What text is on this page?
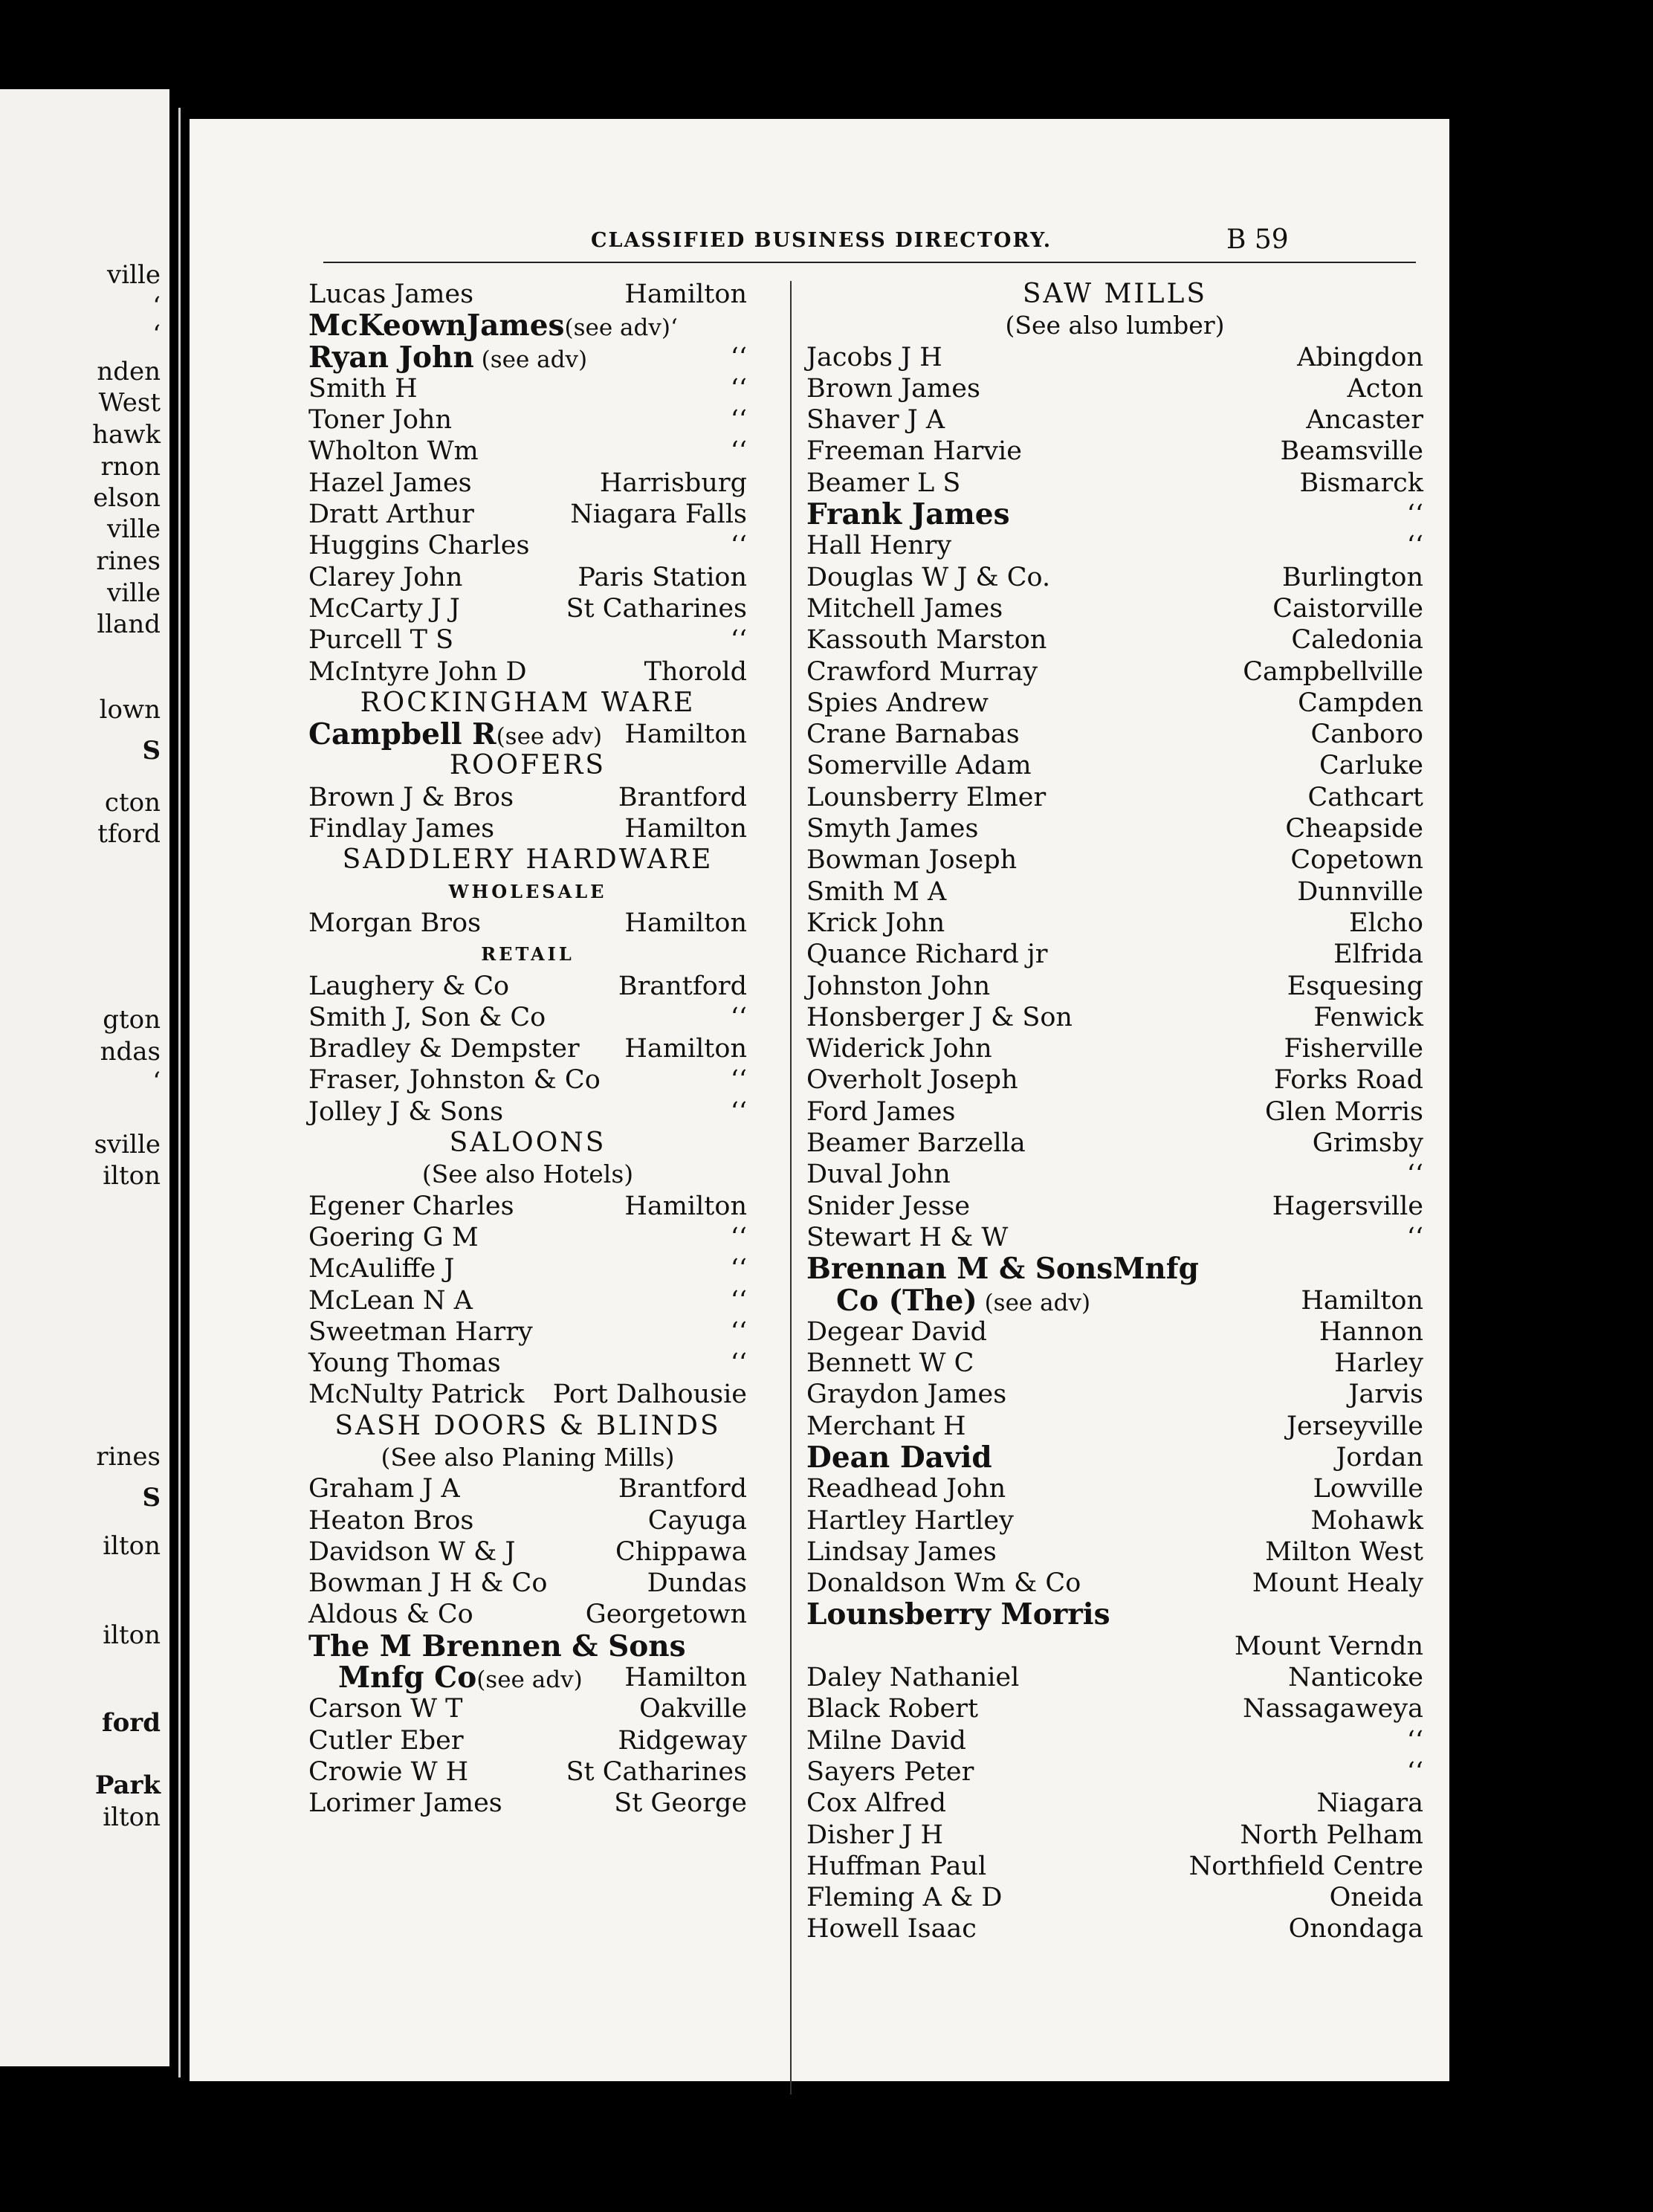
ville
‘
‘
nden
West
hawk
rnon
elson
ville
rines
ville
lland
lown
S
cton
tford
gton
ndas
‘
sville
ilton
rines
S
ilton
ilton
ford
Park
ilton
CLASSIFIED BUSINESS DIRECTORY.	B 59
Lucas James	Hamilton
McKeownJames(see adv)‘
Ryan John (see adv)	‘‘
Smith H	‘‘
Toner John	‘‘
Wholton Wm	‘‘
Hazel James	Harrisburg
Dratt Arthur	Niagara Falls
Huggins Charles	‘‘
Clarey John	Paris Station
McCarty J J	St Catharines
Purcell T S	‘‘
McIntyre John D	Thorold
ROCKINGHAM WARE
Campbell R(see adv) Hamilton
ROOFERS
Brown J & Bros	Brantford
Findlay James	Hamilton
SADDLERY HARDWARE
WHOLESALE
Morgan Bros	Hamilton
RETAIL
Laughery & Co	Brantford
Smith J, Son & Co	‘‘
Bradley & Dempster Hamilton
Fraser, Johnston & Co	‘‘
Jolley J & Sons	‘‘
SALOONS
(See also Hotels)
Egener Charles	Hamilton
Goering G M	‘‘
McAuliffe J	‘‘
McLean N A	‘‘
Sweetman Harry	‘‘
Young Thomas	‘‘
McNulty Patrick Port Dalhousie
SASH DOORS & BLINDS
(See also Planing Mills)
Graham J A	Brantford
Heaton Bros	Cayuga
Davidson W & J	Chippawa
Bowman J H & Co	Dundas
Aldous & Co	Georgetown
The M Brennen & Sons
Mnfg Co(see adv) Hamilton
Carson W T	Oakville
Cutler Eber	Ridgeway
Crowie W H	St Catharines
Lorimer James	St George
SAW MILLS
(See also lumber)
Jacobs J H	Abingdon
Brown James	Acton
Shaver J A	Ancaster
Freeman Harvie	Beamsville
Beamer L S	Bismarck
Frank James	‘‘
Hall Henry	‘‘
Douglas W J & Co.	Burlington
Mitchell James	Caistorville
Kassouth Marston	Caledonia
Crawford Murray	Campbellville
Spies Andrew	Campden
Crane Barnabas	Canboro
Somerville Adam	Carluke
Lounsberry Elmer	Cathcart
Smyth James	Cheapside
Bowman Joseph	Copetown
Smith M A	Dunnville
Krick John	Elcho
Quance Richard jr	Elfrida
Johnston John	Esquesing
Honsberger J & Son	Fenwick
Widerick John	Fisherville
Overholt Joseph	Forks Road
Ford James	Glen Morris
Beamer Barzella	Grimsby
Duval John	‘‘
Snider Jesse	Hagersville
Stewart H & W	‘‘
Brennan M & SonsMnfg
Co (The) (see adv)	Hamilton
Degear David	Hannon
Bennett W C	Harley
Graydon James	Jarvis
Merchant H	Jerseyville
Dean David	Jordan
Readhead John	Lowville
Hartley Hartley	Mohawk
Lindsay James	Milton West
Donaldson Wm & Co	Mount Healy
Lounsberry Morris
Mount Verndn
Daley Nathaniel	Nanticoke
Black Robert	Nassagaweya
Milne David	‘‘
Sayers Peter	‘‘
Cox Alfred	Niagara
Disher J H	North Pelham
Huffman Paul	Northfield Centre
Fleming A & D	Oneida
Howell Isaac	Onondaga
